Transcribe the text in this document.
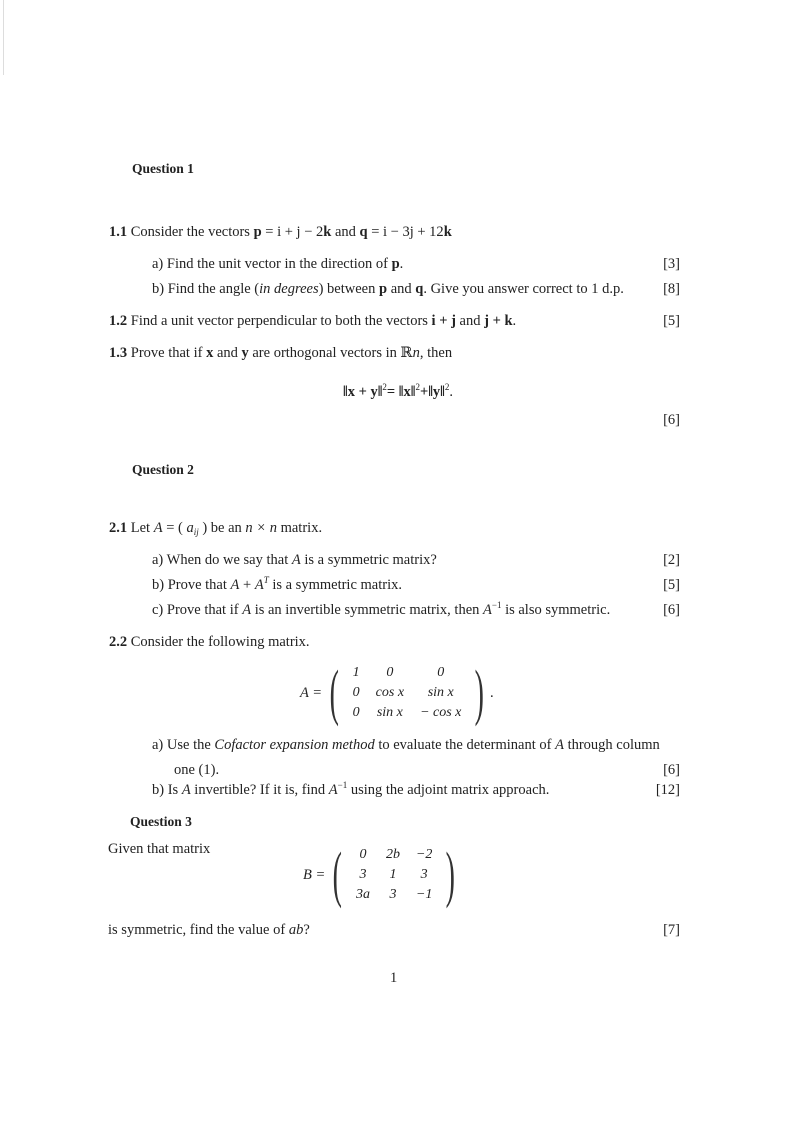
Question 1
1.1 Consider the vectors p = i + j − 2k and q = i − 3j + 12k
a) Find the unit vector in the direction of p.	[3]
b) Find the angle (in degrees) between p and q. Give you answer correct to 1 d.p.	[8]
1.2 Find a unit vector perpendicular to both the vectors i + j and j + k.	[5]
1.3 Prove that if x and y are orthogonal vectors in ℝn, then
‖x + y‖$^2$= ‖x‖$^2$+‖y‖$^2$.
[6]
Question 2
2.1 Let A = ( $a_{ij}$ ) be an n × n matrix.
a) When do we say that A is a symmetric matrix?	[2]
b) Prove that $A + A^T$ is a symmetric matrix.	[5]
c) Prove that if A is an invertible symmetric matrix, then $A^{-1}$ is also symmetric.	[6]
2.2 Consider the following matrix.
A = ( 1	0	0
0	cos x	sin x
0	sin x	− cos x ) .
a) Use the Cofactor expansion method to evaluate the determinant of A through column
one (1).	[6]
b) Is A invertible? If it is, find $A^{-1}$ using the adjoint matrix approach.	[12]
Question 3
Given that matrix
B = ( 0	2b	−2
3	1	3
3a	3	−1 )
is symmetric, find the value of ab?	[7]
1
